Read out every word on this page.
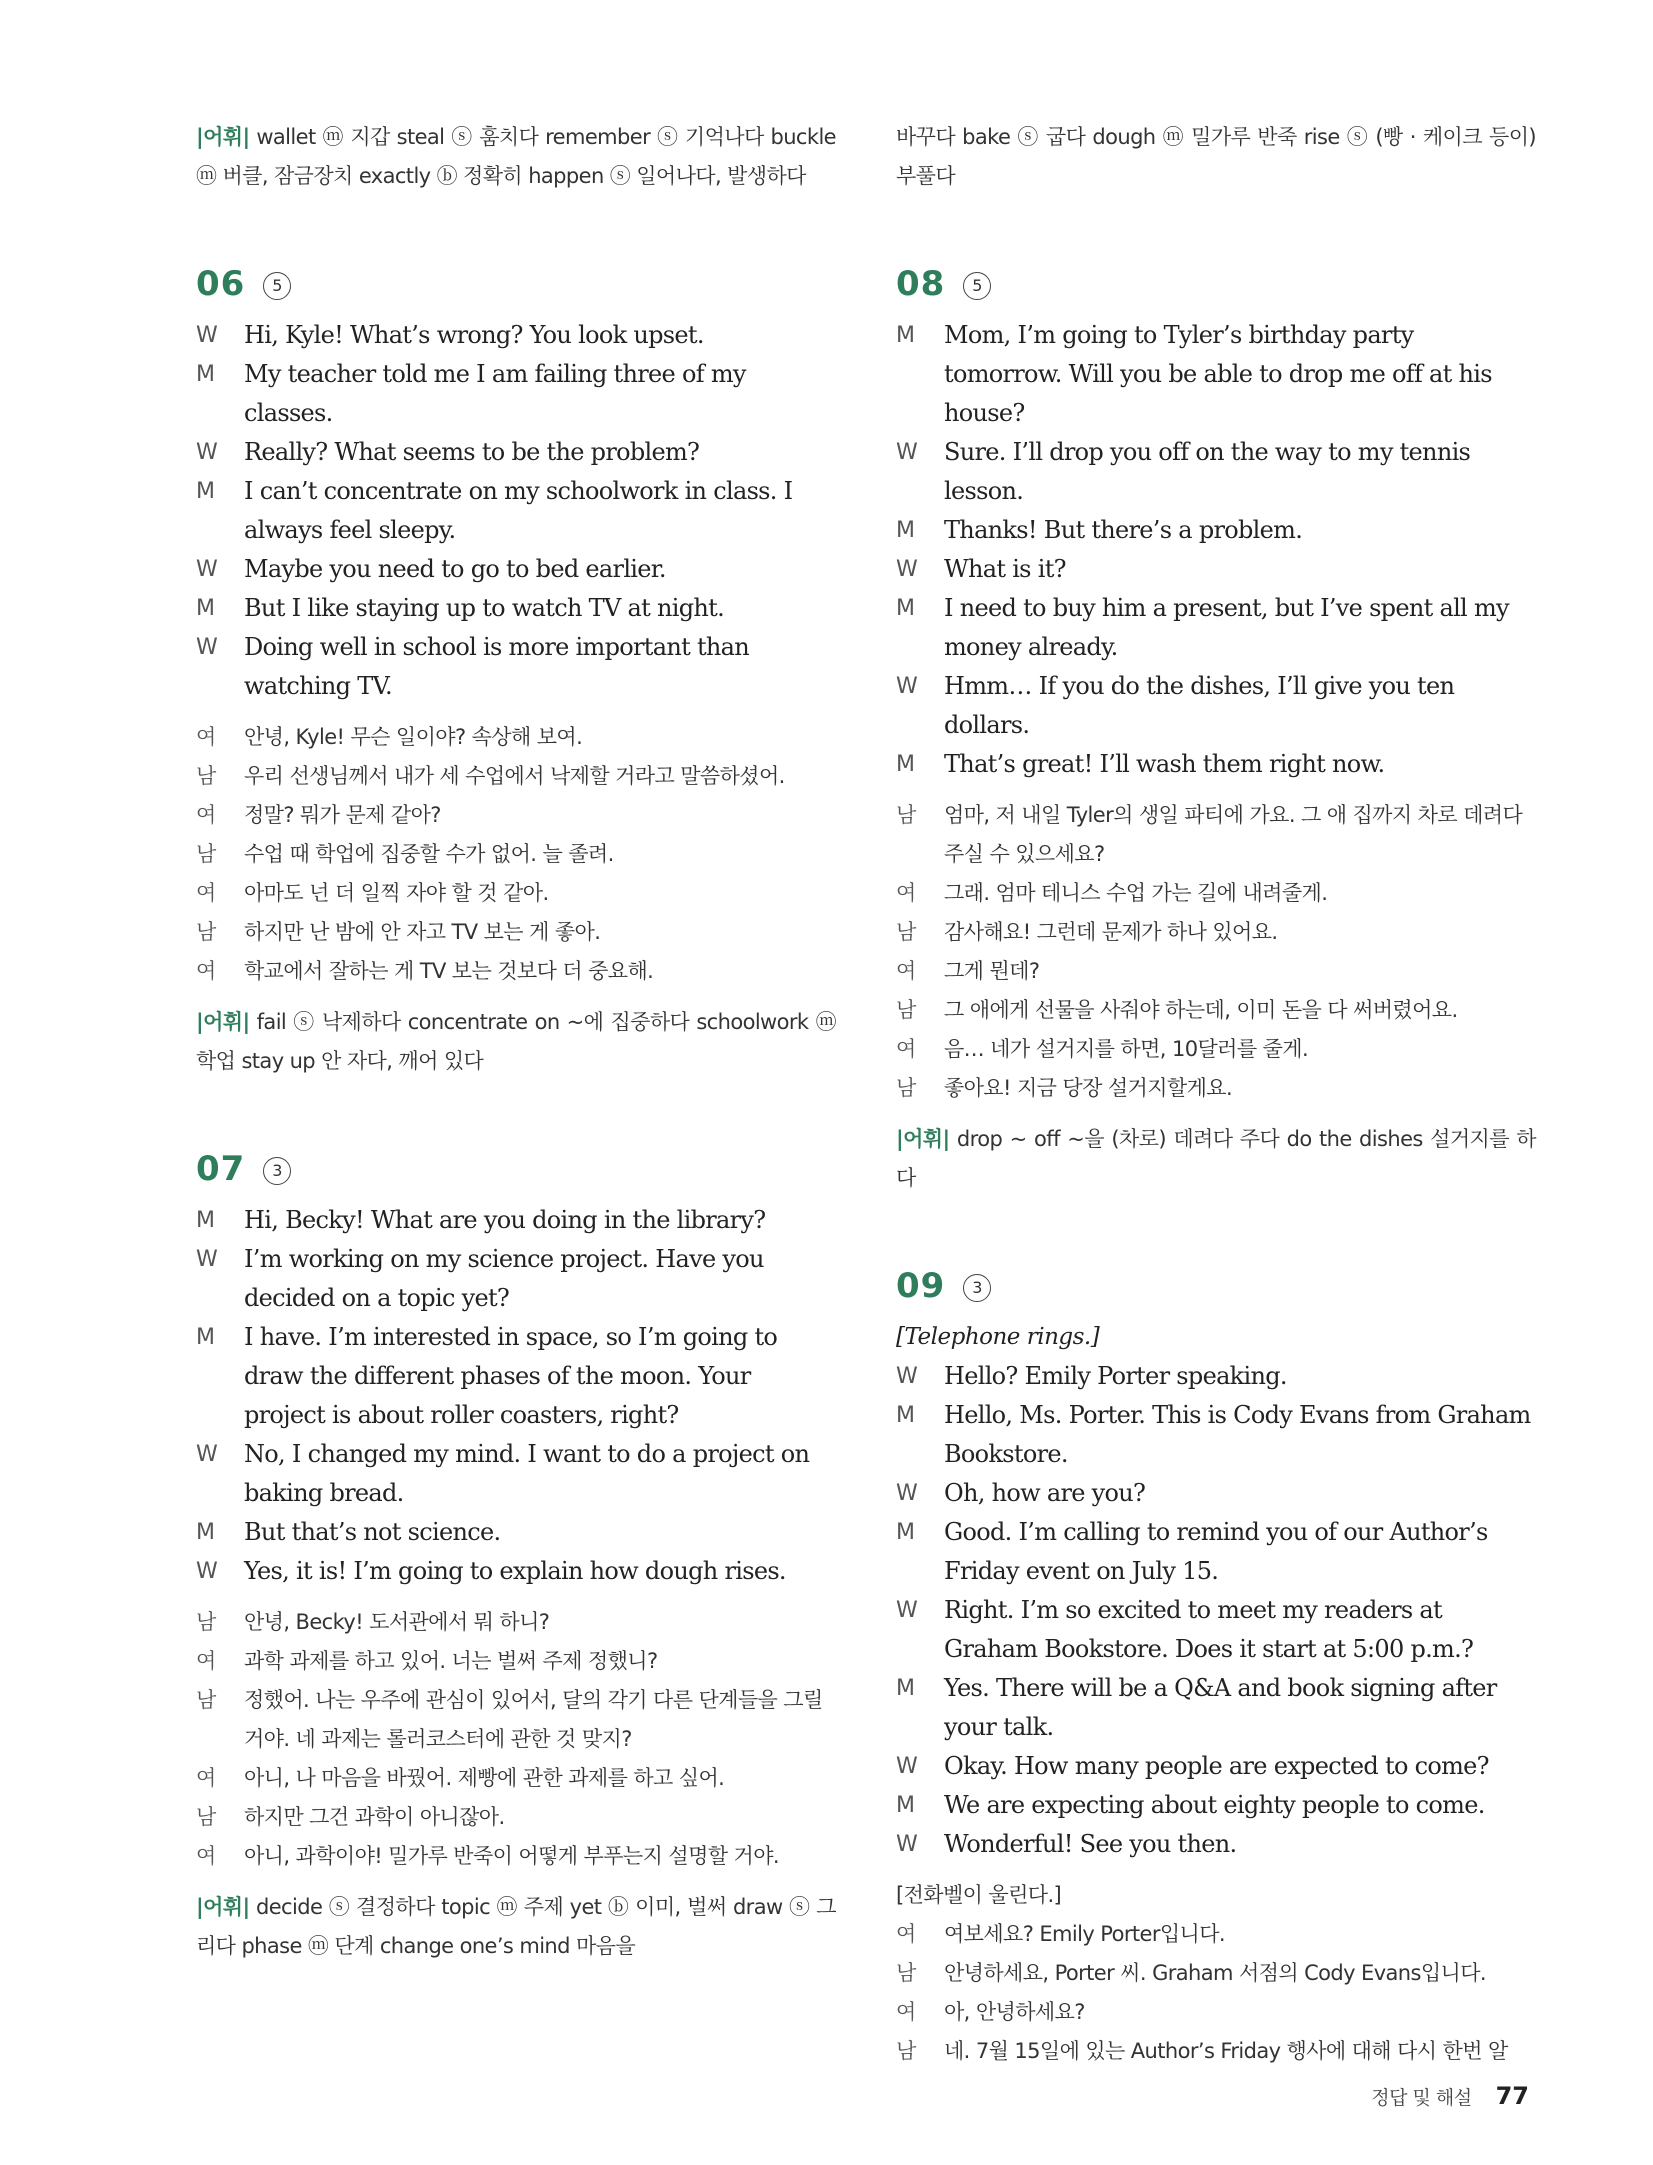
|어휘| wallet ⓜ 지갑 steal ⓢ 훔치다 remember ⓢ 기억나다 buckle ⓜ 버클, 잠금장치 exactly ⓑ 정확히 happen ⓢ 일어나다, 발생하다
06	5
W	Hi, Kyle! What’s wrong? You look upset.
M	My teacher told me I am failing three of my classes.
W	Really? What seems to be the problem?
M	I can’t concentrate on my schoolwork in class. I always feel sleepy.
W	Maybe you need to go to bed earlier.
M	But I like staying up to watch TV at night.
W	Doing well in school is more important than watching TV.
여	안녕, Kyle! 무슨 일이야? 속상해 보여.
남	우리 선생님께서 내가 세 수업에서 낙제할 거라고 말씀하셨어.
여	정말? 뭐가 문제 같아?
남	수업 때 학업에 집중할 수가 없어. 늘 졸려.
여	아마도 넌 더 일찍 자야 할 것 같아.
남	하지만 난 밤에 안 자고 TV 보는 게 좋아.
여	학교에서 잘하는 게 TV 보는 것보다 더 중요해.
|어휘| fail ⓢ 낙제하다 concentrate on ~에 집중하다 schoolwork ⓜ 학업 stay up 안 자다, 깨어 있다
07	3
M	Hi, Becky! What are you doing in the library?
W	I’m working on my science project. Have you decided on a topic yet?
M	I have. I’m interested in space, so I’m going to draw the different phases of the moon. Your project is about roller coasters, right?
W	No, I changed my mind. I want to do a project on baking bread.
M	But that’s not science.
W	Yes, it is! I’m going to explain how dough rises.
남	안녕, Becky! 도서관에서 뭐 하니?
여	과학 과제를 하고 있어. 너는 벌써 주제 정했니?
남	정했어. 나는 우주에 관심이 있어서, 달의 각기 다른 단계들을 그릴 거야. 네 과제는 롤러코스터에 관한 것 맞지?
여	아니, 나 마음을 바꿨어. 제빵에 관한 과제를 하고 싶어.
남	하지만 그건 과학이 아니잖아.
여	아니, 과학이야! 밀가루 반죽이 어떻게 부푸는지 설명할 거야.
|어휘| decide ⓢ 결정하다 topic ⓜ 주제 yet ⓑ 이미, 벌써 draw ⓢ 그리다 phase ⓜ 단계 change one’s mind 마음을
바꾸다 bake ⓢ 굽다 dough ⓜ 밀가루 반죽 rise ⓢ (빵 · 케이크 등이) 부풀다
08	5
M	Mom, I’m going to Tyler’s birthday party tomorrow. Will you be able to drop me off at his house?
W	Sure. I’ll drop you off on the way to my tennis lesson.
M	Thanks! But there’s a problem.
W	What is it?
M	I need to buy him a present, but I’ve spent all my money already.
W	Hmm… If you do the dishes, I’ll give you ten dollars.
M	That’s great! I’ll wash them right now.
남	엄마, 저 내일 Tyler의 생일 파티에 가요. 그 애 집까지 차로 데려다 주실 수 있으세요?
여	그래. 엄마 테니스 수업 가는 길에 내려줄게.
남	감사해요! 그런데 문제가 하나 있어요.
여	그게 뭔데?
남	그 애에게 선물을 사줘야 하는데, 이미 돈을 다 써버렸어요.
여	음… 네가 설거지를 하면, 10달러를 줄게.
남	좋아요! 지금 당장 설거지할게요.
|어휘| drop ~ off ~을 (차로) 데려다 주다 do the dishes 설거지를 하다
09	3
[Telephone rings.]
W	Hello? Emily Porter speaking.
M	Hello, Ms. Porter. This is Cody Evans from Graham Bookstore.
W	Oh, how are you?
M	Good. I’m calling to remind you of our Author’s Friday event on July 15.
W	Right. I’m so excited to meet my readers at Graham Bookstore. Does it start at 5:00 p.m.?
M	Yes. There will be a Q&A and book signing after your talk.
W	Okay. How many people are expected to come?
M	We are expecting about eighty people to come.
W	Wonderful! See you then.
[전화벨이 울린다.]
여	여보세요? Emily Porter입니다.
남	안녕하세요, Porter 씨. Graham 서점의 Cody Evans입니다.
여	아, 안녕하세요?
남	네. 7월 15일에 있는 Author’s Friday 행사에 대해 다시 한번 알
정답 및 해설 77
